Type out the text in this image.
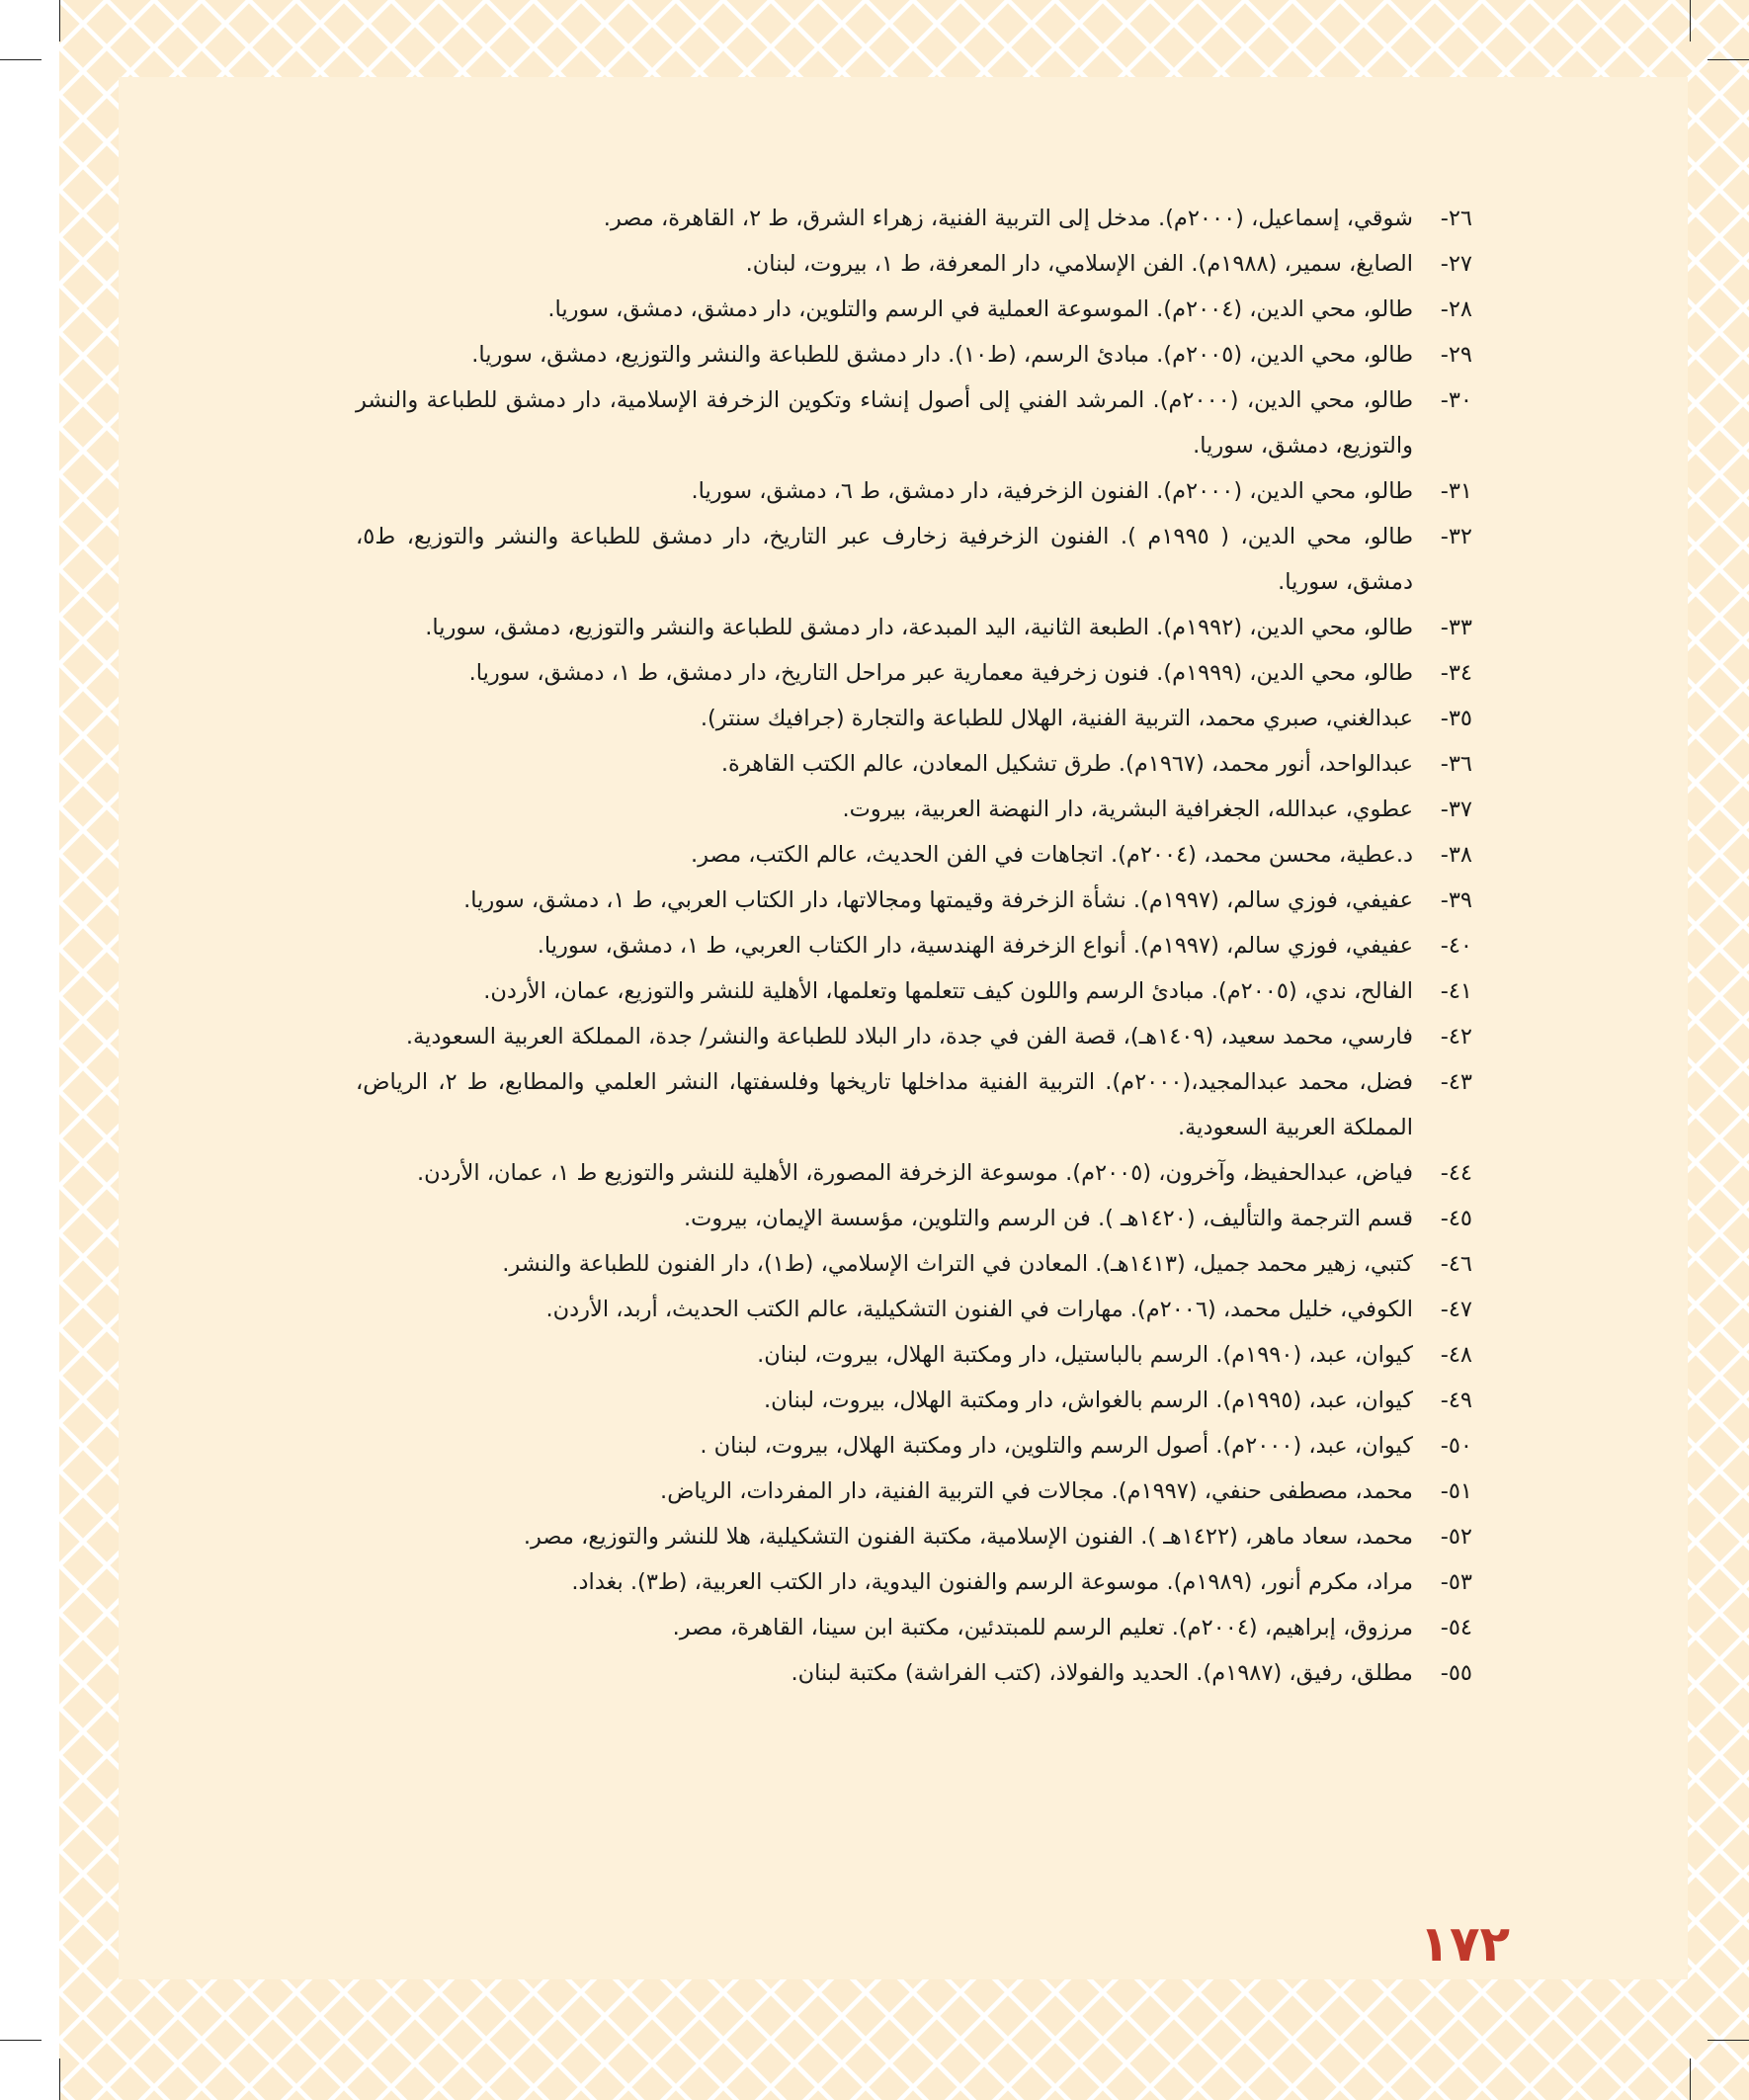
٢٦-
شوقي، إسماعيل، (٢٠٠٠م). مدخل إلى التربية الفنية، زهراء الشرق، ط ٢، القاهرة، مصر.
٢٧-
الصايغ، سمير، (١٩٨٨م). الفن الإسلامي، دار المعرفة، ط ١، بيروت، لبنان.
٢٨-
طالو، محي الدين، (٢٠٠٤م). الموسوعة العملية في الرسم والتلوين، دار دمشق، دمشق، سوريا.
٢٩-
طالو، محي الدين، (٢٠٠٥م). مبادئ الرسم، (ط١٠). دار دمشق للطباعة والنشر والتوزيع، دمشق، سوريا.
٣٠-
طالو، محي الدين، (٢٠٠٠م). المرشد الفني إلى أصول إنشاء وتكوين الزخرفة الإسلامية، دار دمشق للطباعة والنشر والتوزيع، دمشق، سوريا.
٣١-
طالو، محي الدين، (٢٠٠٠م). الفنون الزخرفية، دار دمشق، ط ٦، دمشق، سوريا.
٣٢-
طالو، محي الدين، ( ١٩٩٥م ). الفنون الزخرفية زخارف عبر التاريخ، دار دمشق للطباعة والنشر والتوزيع، ط٥، دمشق، سوريا.
٣٣-
طالو، محي الدين، (١٩٩٢م). الطبعة الثانية، اليد المبدعة، دار دمشق للطباعة والنشر والتوزيع، دمشق، سوريا.
٣٤-
طالو، محي الدين، (١٩٩٩م). فنون زخرفية معمارية عبر مراحل التاريخ، دار دمشق، ط ١، دمشق، سوريا.
٣٥-
عبدالغني، صبري محمد، التربية الفنية، الهلال للطباعة والتجارة (جرافيك سنتر).
٣٦-
عبدالواحد، أنور محمد، (١٩٦٧م). طرق تشكيل المعادن، عالم الكتب القاهرة.
٣٧-
عطوي، عبدالله، الجغرافية البشرية، دار النهضة العربية، بيروت.
٣٨-
د.عطية، محسن محمد، (٢٠٠٤م). اتجاهات في الفن الحديث، عالم الكتب، مصر.
٣٩-
عفيفي، فوزي سالم، (١٩٩٧م). نشأة الزخرفة وقيمتها ومجالاتها، دار الكتاب العربي، ط ١، دمشق، سوريا.
٤٠-
عفيفي، فوزي سالم، (١٩٩٧م). أنواع الزخرفة الهندسية، دار الكتاب العربي، ط ١، دمشق، سوريا.
٤١-
الفالح، ندي، (٢٠٠٥م). مبادئ الرسم واللون كيف تتعلمها وتعلمها، الأهلية للنشر والتوزيع، عمان، الأردن.
٤٢-
فارسي، محمد سعيد، (١٤٠٩هـ)، قصة الفن في جدة، دار البلاد للطباعة والنشر/ جدة، المملكة العربية السعودية.
٤٣-
فضل، محمد عبدالمجيد،(٢٠٠٠م). التربية الفنية مداخلها تاريخها وفلسفتها، النشر العلمي والمطابع، ط ٢، الرياض، المملكة العربية السعودية.
٤٤-
فياض، عبدالحفيظ، وآخرون، (٢٠٠٥م). موسوعة الزخرفة المصورة، الأهلية للنشر والتوزيع ط ١، عمان، الأردن.
٤٥-
قسم الترجمة والتأليف، (١٤٢٠هـ ). فن الرسم والتلوين، مؤسسة الإيمان، بيروت.
٤٦-
كتبي، زهير محمد جميل، (١٤١٣هـ). المعادن في التراث الإسلامي، (ط١)، دار الفنون للطباعة والنشر.
٤٧-
الكوفي، خليل محمد، (٢٠٠٦م). مهارات في الفنون التشكيلية، عالم الكتب الحديث، أربد، الأردن.
٤٨-
كيوان، عبد، (١٩٩٠م). الرسم بالباستيل، دار ومكتبة الهلال، بيروت، لبنان.
٤٩-
كيوان، عبد، (١٩٩٥م). الرسم بالغواش، دار ومكتبة الهلال، بيروت، لبنان.
٥٠-
كيوان، عبد، (٢٠٠٠م). أصول الرسم والتلوين، دار ومكتبة الهلال، بيروت، لبنان .
٥١-
محمد، مصطفى حنفي، (١٩٩٧م). مجالات في التربية الفنية، دار المفردات، الرياض.
٥٢-
محمد، سعاد ماهر، (١٤٢٢هـ ). الفنون الإسلامية، مكتبة الفنون التشكيلية، هلا للنشر والتوزيع، مصر.
٥٣-
مراد، مكرم أنور، (١٩٨٩م). موسوعة الرسم والفنون اليدوية، دار الكتب العربية، (ط٣). بغداد.
٥٤-
مرزوق، إبراهيم، (٢٠٠٤م). تعليم الرسم للمبتدئين، مكتبة ابن سينا، القاهرة، مصر.
٥٥-
مطلق، رفيق، (١٩٨٧م). الحديد والفولاذ، (كتب الفراشة) مكتبة لبنان.
١٧٢
